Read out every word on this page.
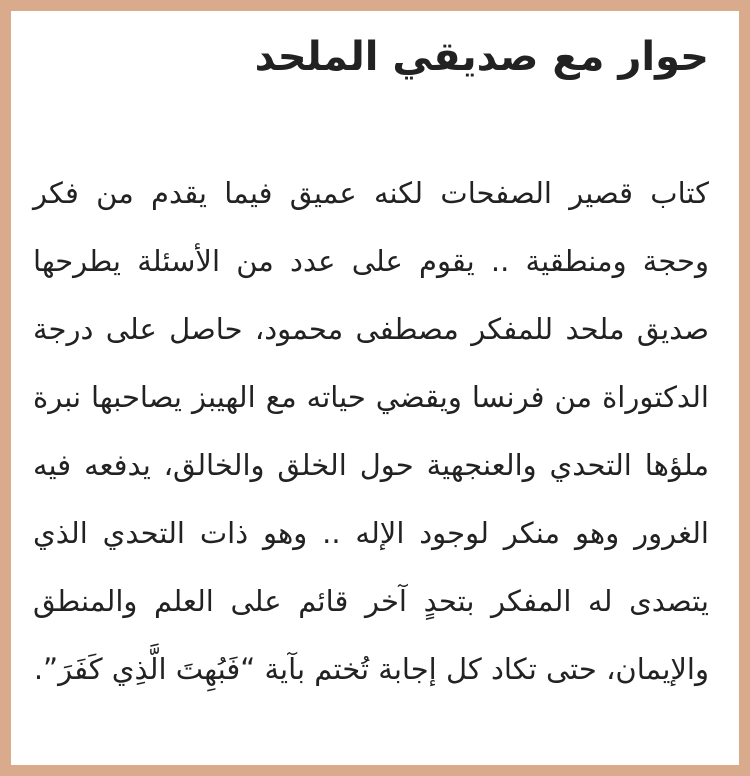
حوار مع صديقي الملحد

كتاب قصير الصفحات لكنه عميق فيما يقدم من فكر وحجة ومنطقية .. يقوم على عدد من الأسئلة يطرحها صديق ملحد للمفكر مصطفى محمود، حاصل على درجة الدكتوراة من فرنسا ويقضي حياته مع الهيبز يصاحبها نبرة ملؤها التحدي والعنجهية حول الخلق والخالق، يدفعه فيه الغرور وهو منكر لوجود الإله .. وهو ذات التحدي الذي يتصدى له المفكر بتحدٍ آخر قائم على العلم والمنطق والإيمان، حتى تكاد كل إجابة تُختم بآية “فَبُهِتَ الَّذِي كَفَرَ”.
